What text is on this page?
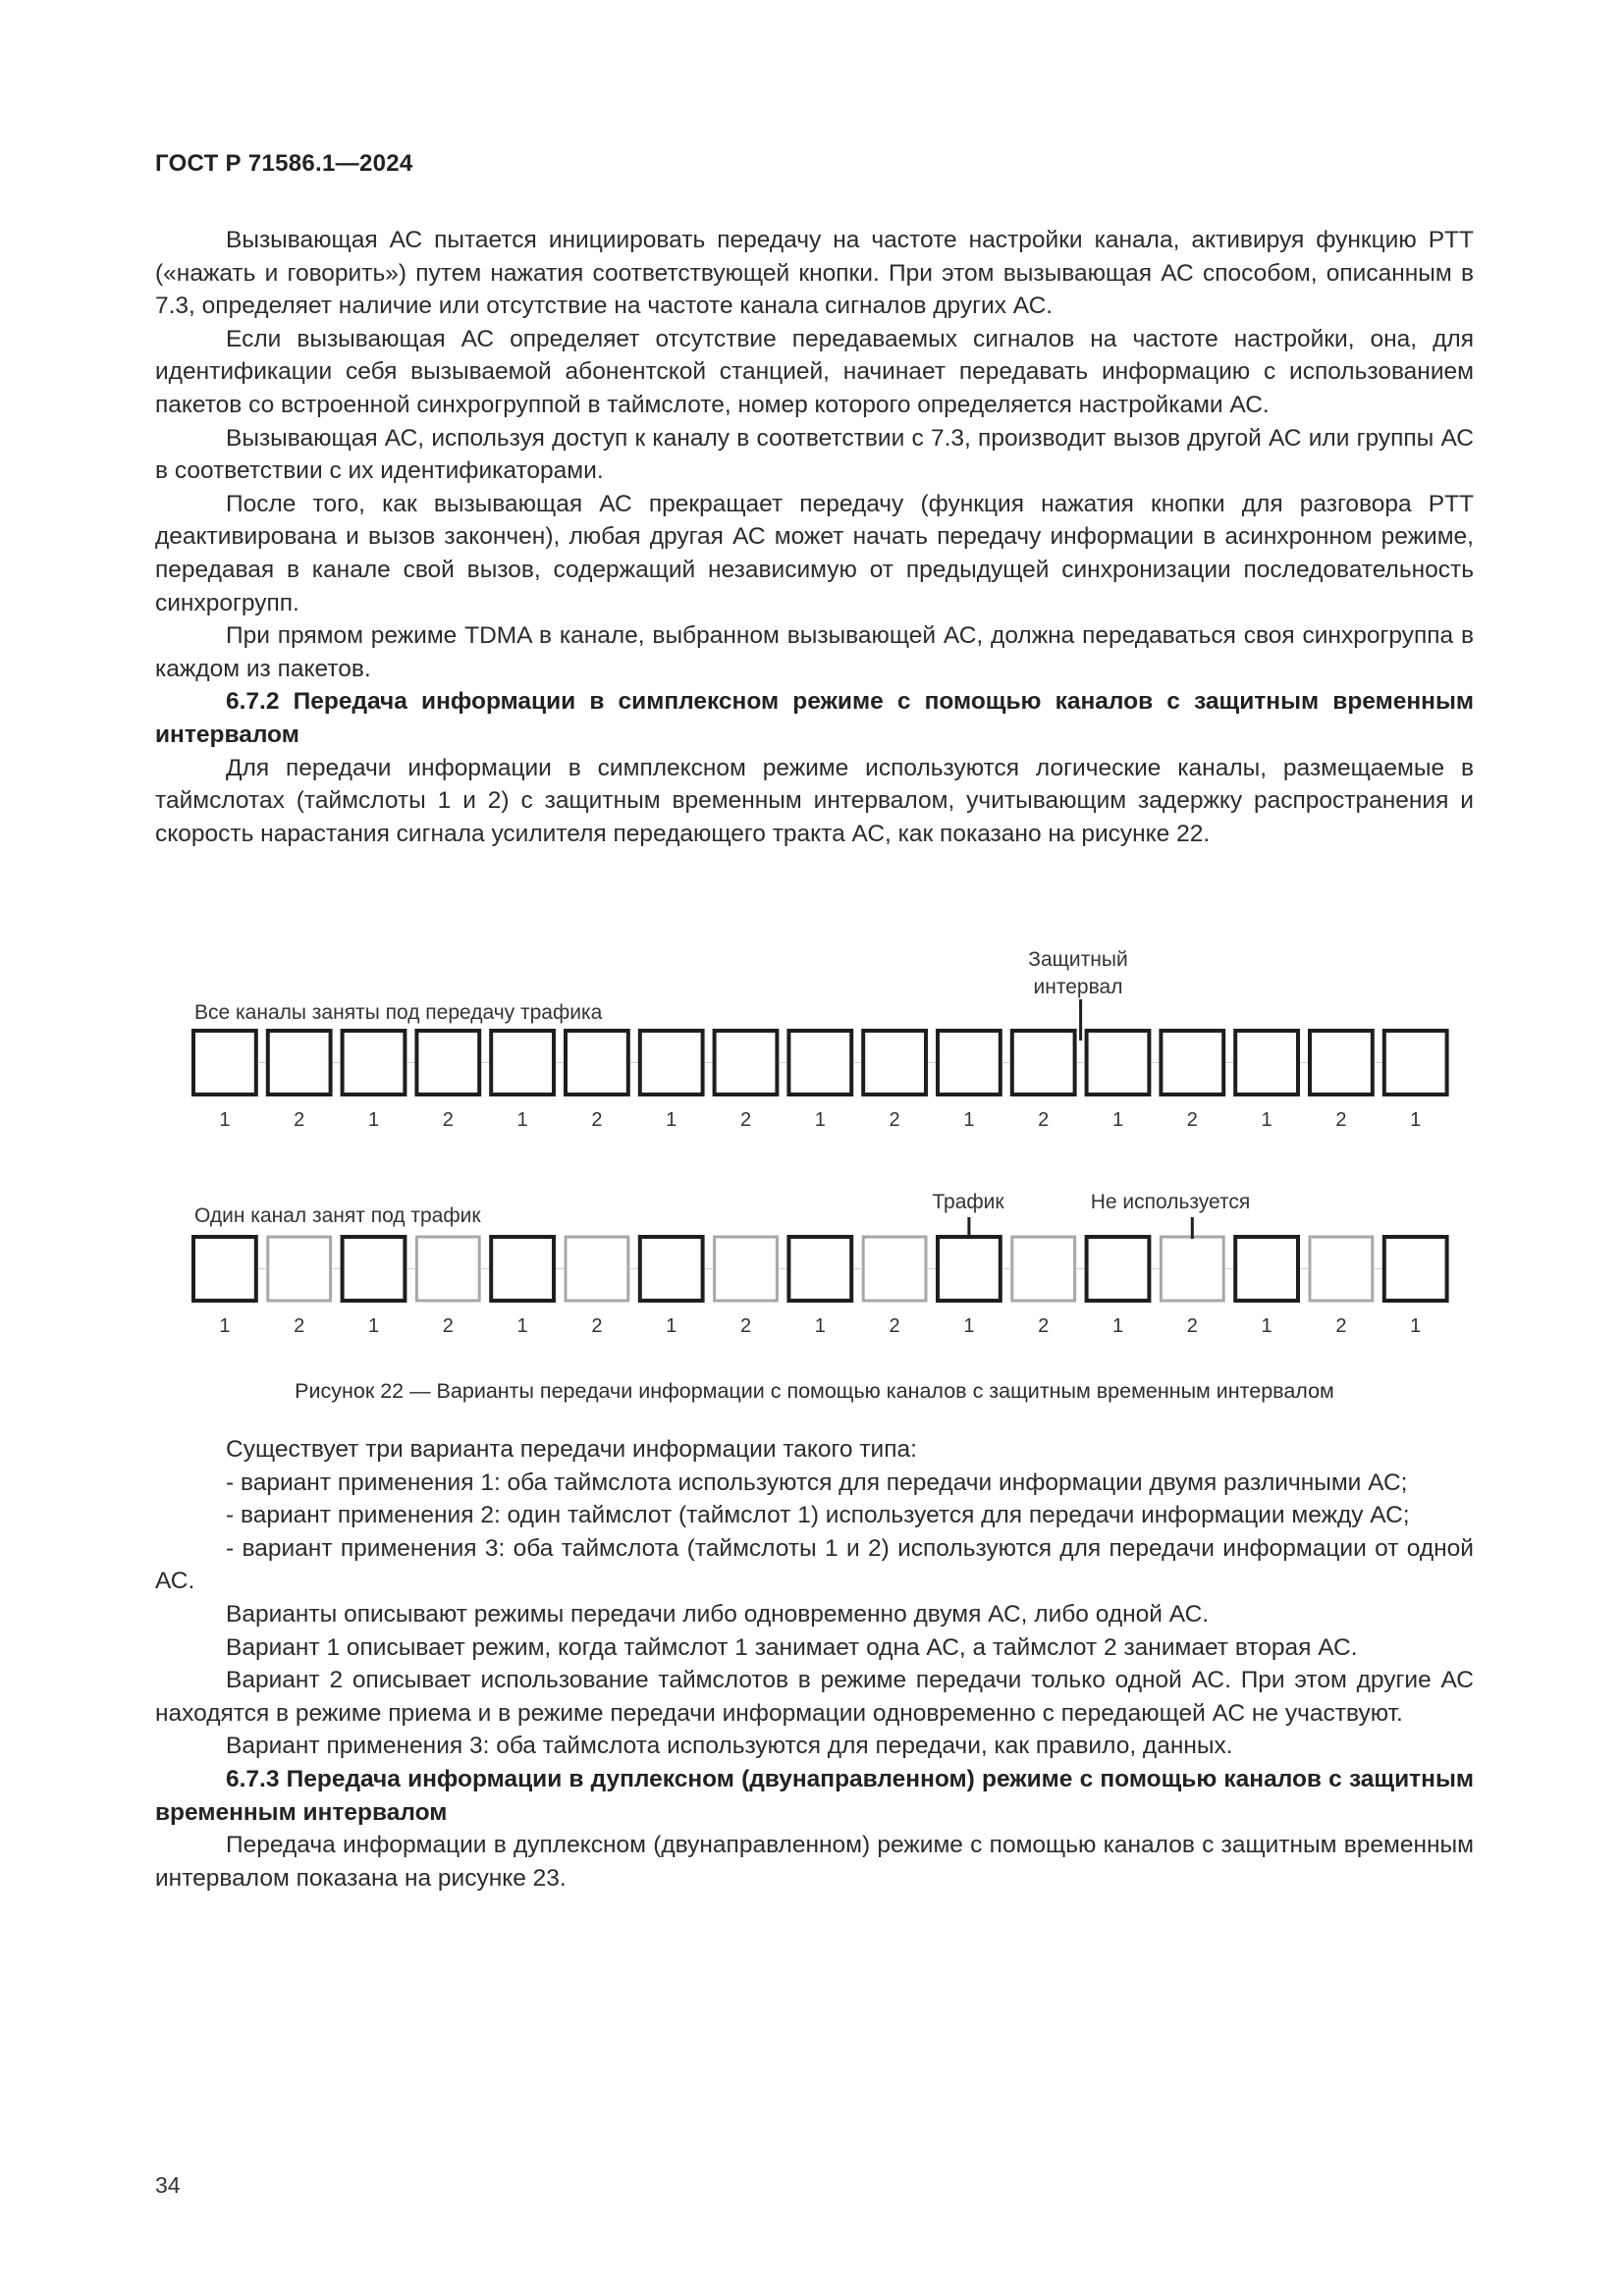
ГОСТ Р 71586.1—2024

Вызывающая АС пытается инициировать передачу на частоте настройки канала, активируя функцию PTT («нажать и говорить») путем нажатия соответствующей кнопки. При этом вызывающая АС способом, описанным в 7.3, определяет наличие или отсутствие на частоте канала сигналов других АС.

Если вызывающая АС определяет отсутствие передаваемых сигналов на частоте настройки, она, для идентификации себя вызываемой абонентской станцией, начинает передавать информацию с использованием пакетов со встроенной синхрогруппой в таймслоте, номер которого определяется настройками АС.

Вызывающая АС, используя доступ к каналу в соответствии с 7.3, производит вызов другой АС или группы АС в соответствии с их идентификаторами.

После того, как вызывающая АС прекращает передачу (функция нажатия кнопки для разговора PTT деактивирована и вызов закончен), любая другая АС может начать передачу информации в асинхронном режиме, передавая в канале свой вызов, содержащий независимую от предыдущей синхронизации последовательность синхрогрупп.

При прямом режиме TDMA в канале, выбранном вызывающей АС, должна передаваться своя синхрогруппа в каждом из пакетов.

6.7.2 Передача информации в симплексном режиме с помощью каналов с защитным временным интервалом

Для передачи информации в симплексном режиме используются логические каналы, размещаемые в таймслотах (таймслоты 1 и 2) с защитным временным интервалом, учитывающим задержку распространения и скорость нарастания сигнала усилителя передающего тракта АС, как показано на рисунке 22.

Защитный
интервал
Все каналы заняты под передачу трафика
Один канал занят под трафик
Трафик	Не используется
1	2	1	2	1	2	1	2	1	2	1	2	1	2	1	2	1
1	2	1	2	1	2	1	2	1	2	1	2	1	2	1	2	1
Рисунок 22 — Варианты передачи информации с помощью каналов с защитным временным интервалом

Существует три варианта передачи информации такого типа:

- вариант применения 1: оба таймслота используются для передачи информации двумя различными АС;

- вариант применения 2: один таймслот (таймслот 1) используется для передачи информации между АС;

- вариант применения 3: оба таймслота (таймслоты 1 и 2) используются для передачи информации от одной АС.

Варианты описывают режимы передачи либо одновременно двумя АС, либо одной АС.

Вариант 1 описывает режим, когда таймслот 1 занимает одна АС, а таймслот 2 занимает вторая АС.

Вариант 2 описывает использование таймслотов в режиме передачи только одной АС. При этом другие АС находятся в режиме приема и в режиме передачи информации одновременно с передающей АС не участвуют.

Вариант применения 3: оба таймслота используются для передачи, как правило, данных.

6.7.3 Передача информации в дуплексном (двунаправленном) режиме с помощью каналов с защитным временным интервалом

Передача информации в дуплексном (двунаправленном) режиме с помощью каналов с защитным временным интервалом показана на рисунке 23.

34
